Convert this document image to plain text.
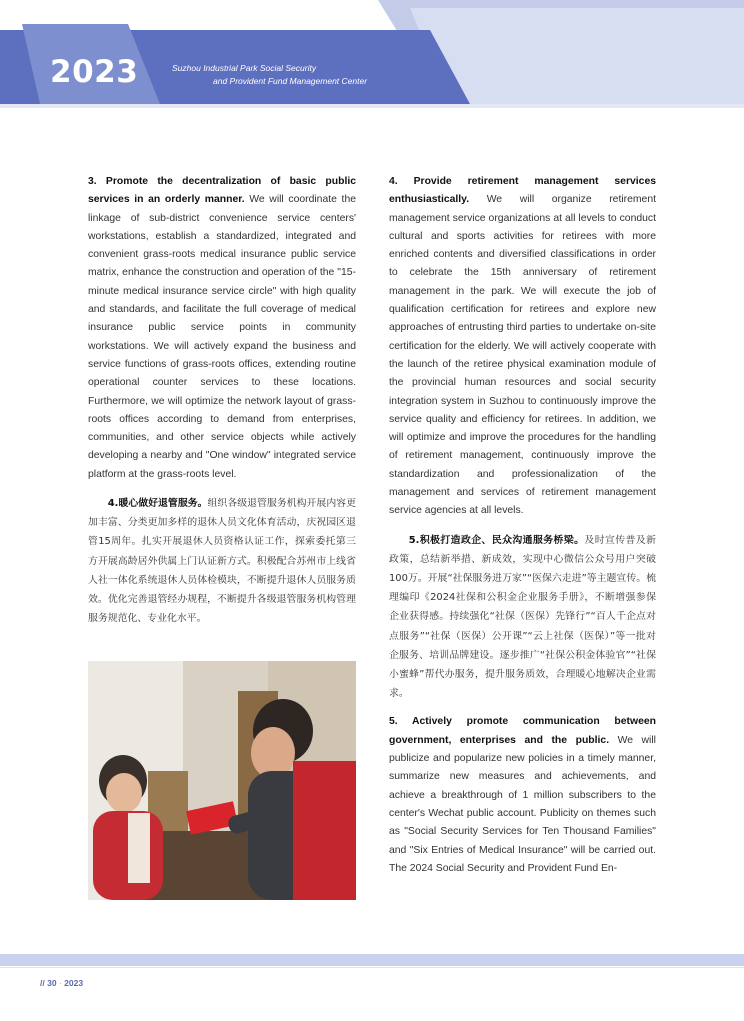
2023	Suzhou Industrial Park Social Security
and Provident Fund Management Center

3. Promote the decentralization of basic public services in an orderly manner. We will coordinate the linkage of sub-district convenience service centers' workstations, establish a standardized, integrated and convenient grass-roots medical insurance public service matrix, enhance the construction and operation of the "15-minute medical insurance service circle" with high quality and standards, and facilitate the full coverage of medical insurance public service points in community workstations. We will actively expand the business and service functions of grass-roots offices, extending routine operational counter services to these locations. Furthermore, we will optimize the network layout of grass-roots offices according to demand from enterprises, communities, and other service objects while actively developing a nearby and "One window" integrated service platform at the grass-roots level.

4.暖心做好退管服务。组织各级退管服务机构开展内容更加丰富、分类更加多样的退休人员文化体育活动，庆祝园区退管15周年。扎实开展退休人员资格认证工作，探索委托第三方开展高龄居外供属上门认证新方式。积极配合苏州市上线省人社一体化系统退休人员体检模块，不断提升退休人员服务质效。优化完善退管经办规程，不断提升各级退管服务机构管理服务规范化、专业化水平。

4. Provide retirement management services enthusiastically. We will organize retirement management service organizations at all levels to conduct cultural and sports activities for retirees with more enriched contents and diversified classifications in order to celebrate the 15th anniversary of retirement management in the park. We will execute the job of qualification certification for retirees and explore new approaches of entrusting third parties to undertake on-site certification for the elderly. We will actively cooperate with the launch of the retiree physical examination module of the provincial human resources and social security integration system in Suzhou to continuously improve the service quality and efficiency for retirees. In addition, we will optimize and improve the procedures for the handling of retirement management, continuously improve the standardization and professionalization of the management and services of retirement management service agencies at all levels.

5.积极打造政企、民众沟通服务桥梁。及时宣传普及新政策，总结新举措、新成效，实现中心微信公众号用户突破100万。开展“社保服务进万家”“医保六走进”等主题宣传。梳理编印《2024社保和公积金企业服务手册》，不断增强参保企业获得感。持续强化“社保（医保）先锋行”“百人千企点对点服务”“社保（医保）公开课”“云上社保（医保）”等一批对企服务、培训品牌建设。逐步推广“社保公积金体验官”“社保小蜜蜂”帮代办服务，提升服务质效，合理暖心地解决企业需求。

5. Actively promote communication between government, enterprises and the public. We will publicize and popularize new policies in a timely manner, summarize new measures and achievements, and achieve a breakthrough of 1 million subscribers to the center's Wechat public account. Publicity on themes such as "Social Security Services for Ten Thousand Families" and "Six Entries of Medical Insurance" will be carried out. The 2024 Social Security and Provident Fund En-

// 30 · 2023
